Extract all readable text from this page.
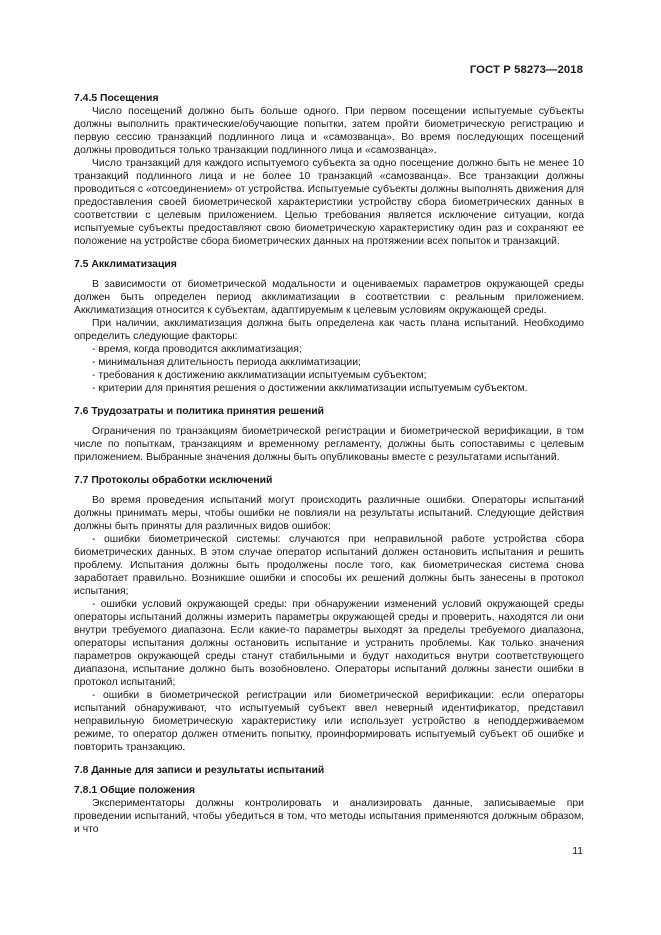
ГОСТ Р 58273—2018
7.4.5 Посещения

Число посещений должно быть больше одного. При первом посещении испытуемые субъекты должны выполнить практические/обучающие попытки, затем пройти биометрическую регистрацию и первую сессию транзакций подлинного лица и «самозванца». Во время последующих посещений должны проводиться только транзакции подлинного лица и «самозванца».

Число транзакций для каждого испытуемого субъекта за одно посещение должно быть не менее 10 транзакций подлинного лица и не более 10 транзакций «самозванца». Все транзакции должны проводиться с «отсоединением» от устройства. Испытуемые субъекты должны выполнять движения для предоставления своей биометрической характеристики устройству сбора биометрических данных в соответствии с целевым приложением. Целью требования является исключение ситуации, когда испытуемые субъекты предоставляют свою биометрическую характеристику один раз и сохраняют ее положение на устройстве сбора биометрических данных на протяжении всех попыток и транзакций.

7.5 Акклиматизация

В зависимости от биометрической модальности и оцениваемых параметров окружающей среды должен быть определен период акклиматизации в соответствии с реальным приложением. Акклиматизация относится к субъектам, адаптируемым к целевым условиям окружающей среды.

При наличии, акклиматизация должна быть определена как часть плана испытаний. Необходимо определить следующие факторы:

- время, когда проводится акклиматизация;
- минимальная длительность периода акклиматизации;
- требования к достижению акклиматизации испытуемым субъектом;
- критерии для принятия решения о достижении акклиматизации испытуемым субъектом.
7.6 Трудозатраты и политика принятия решений

Ограничения по транзакциям биометрической регистрации и биометрической верификации, в том числе по попыткам, транзакциям и временному регламенту, должны быть сопоставимы с целевым приложением. Выбранные значения должны быть опубликованы вместе с результатами испытаний.

7.7 Протоколы обработки исключений

Во время проведения испытаний могут происходить различные ошибки. Операторы испытаний должны принимать меры, чтобы ошибки не повлияли на результаты испытаний. Следующие действия должны быть приняты для различных видов ошибок:

- ошибки биометрической системы: случаются при неправильной работе устройства сбора биометрических данных. В этом случае оператор испытаний должен остановить испытания и решить проблему. Испытания должны быть продолжены после того, как биометрическая система снова заработает правильно. Возникшие ошибки и способы их решений должны быть занесены в протокол испытания;

- ошибки условий окружающей среды: при обнаружении изменений условий окружающей среды операторы испытаний должны измерить параметры окружающей среды и проверить, находятся ли они внутри требуемого диапазона. Если какие-то параметры выходят за пределы требуемого диапазона, операторы испытания должны остановить испытание и устранить проблемы. Как только значения параметров окружающей среды станут стабильными и будут находиться внутри соответствующего диапазона, испытание должно быть возобновлено. Операторы испытаний должны занести ошибки в протокол испытаний;

- ошибки в биометрической регистрации или биометрической верификации: если операторы испытаний обнаруживают, что испытуемый субъект ввел неверный идентификатор, представил неправильную биометрическую характеристику или использует устройство в неподдерживаемом режиме, то оператор должен отменить попытку, проинформировать испытуемый субъект об ошибке и повторить транзакцию.

7.8 Данные для записи и результаты испытаний
7.8.1 Общие положения

Экспериментаторы должны контролировать и анализировать данные, записываемые при проведении испытаний, чтобы убедиться в том, что методы испытания применяются должным образом, и что

11
